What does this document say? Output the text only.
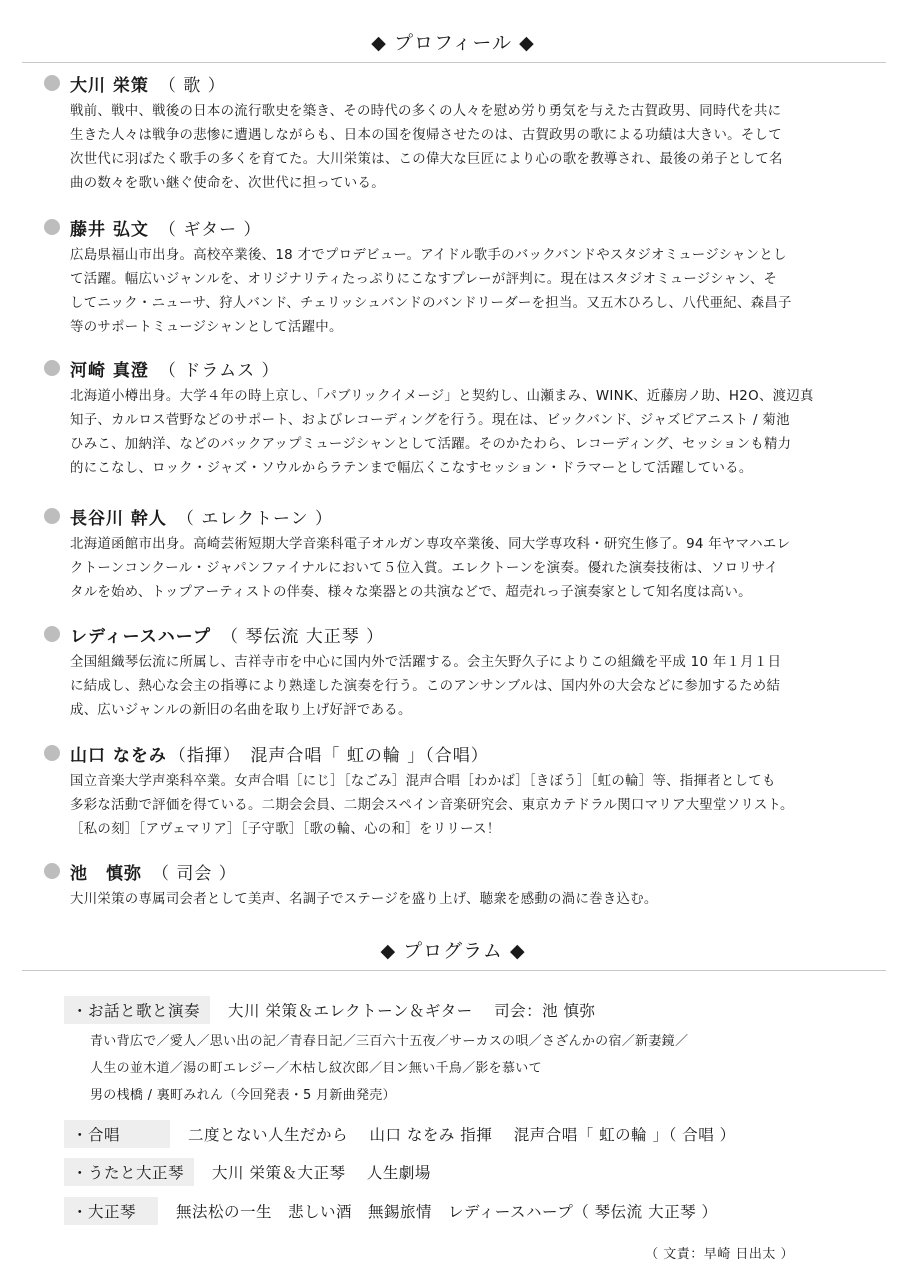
◆ プロフィール ◆
大川 栄策 （ 歌 ）
戦前、戦中、戦後の日本の流行歌史を築き、その時代の多くの人々を慰め労り勇気を与えた古賀政男、同時代を共に
生きた人々は戦争の悲惨に遭遇しながらも、日本の国を復帰させたのは、古賀政男の歌による功績は大きい。そして
次世代に羽ばたく歌手の多くを育てた。大川栄策は、この偉大な巨匠により心の歌を教導され、最後の弟子として名
曲の数々を歌い継ぐ使命を、次世代に担っている。
藤井 弘文 （ ギター ）
広島県福山市出身。高校卒業後、18 才でプロデビュー。アイドル歌手のバックバンドやスタジオミュージシャンとし
て活躍。幅広いジャンルを、オリジナリティたっぷりにこなすプレーが評判に。現在はスタジオミュージシャン、そ
してニック・ニューサ、狩人バンド、チェリッシュバンドのバンドリーダーを担当。又五木ひろし、八代亜紀、森昌子
等のサポートミュージシャンとして活躍中。
河崎 真澄 （ ドラムス ）
北海道小樽出身。大学４年の時上京し、「パブリックイメージ」と契約し、山瀬まみ、WINK、近藤房ノ助、H2O、渡辺真
知子、カルロス菅野などのサポート、およびレコーディングを行う。現在は、ビックバンド、ジャズピアニスト / 菊池
ひみこ、加納洋、などのバックアップミュージシャンとして活躍。そのかたわら、レコーディング、セッションも精力
的にこなし、ロック・ジャズ・ソウルからラテンまで幅広くこなすセッション・ドラマーとして活躍している。
長谷川 幹人 （ エレクトーン ）
北海道函館市出身。高崎芸術短期大学音楽科電子オルガン専攻卒業後、同大学専攻科・研究生修了。94 年ヤマハエレ
クトーンコンクール・ジャパンファイナルにおいて５位入賞。エレクトーンを演奏。優れた演奏技術は、ソロリサイ
タルを始め、トップアーティストの伴奏、様々な楽器との共演などで、超売れっ子演奏家として知名度は高い。
レディースハープ （ 琴伝流 大正琴 ）
全国組織琴伝流に所属し、吉祥寺市を中心に国内外で活躍する。会主矢野久子によりこの組織を平成 10 年１月１日
に結成し、熱心な会主の指導により熟達した演奏を行う。このアンサンブルは、国内外の大会などに参加するため結
成、広いジャンルの新旧の名曲を取り上げ好評である。
山口 なをみ （指揮）　混声合唱「 虹の輪 」（合唱）
国立音楽大学声楽科卒業。女声合唱［にじ］［なごみ］混声合唱［わかば］［きぼう］［虹の輪］等、指揮者としても
多彩な活動で評価を得ている。二期会会員、二期会スペイン音楽研究会、東京カテドラル関口マリア大聖堂ソリスト。
［私の刻］［アヴェマリア］［子守歌］［歌の輪、心の和］をリリース！
池　慎弥 （ 司会 ）
大川栄策の専属司会者として美声、名調子でステージを盛り上げ、聴衆を感動の渦に巻き込む。
◆ プログラム ◆
・お話と歌と演奏	大川 栄策＆エレクトーン＆ギター　 司会：池 慎弥
青い背広で／愛人／思い出の記／青春日記／三百六十五夜／サーカスの唄／さざんかの宿／新妻鏡／
人生の並木道／湯の町エレジー／木枯し紋次郎／目ン無い千鳥／影を慕いて
男の桟橋 / 裏町みれん（今回発表・5 月新曲発売）
・合唱	二度とない人生だから　 山口 なをみ 指揮　 混声合唱「 虹の輪 」（ 合唱 ）
・うたと大正琴	大川 栄策＆大正琴　 人生劇場
・大正琴	無法松の一生　悲しい酒　無錫旅情　レディースハープ（ 琴伝流 大正琴 ）
（ 文責：早崎 日出太 ）
